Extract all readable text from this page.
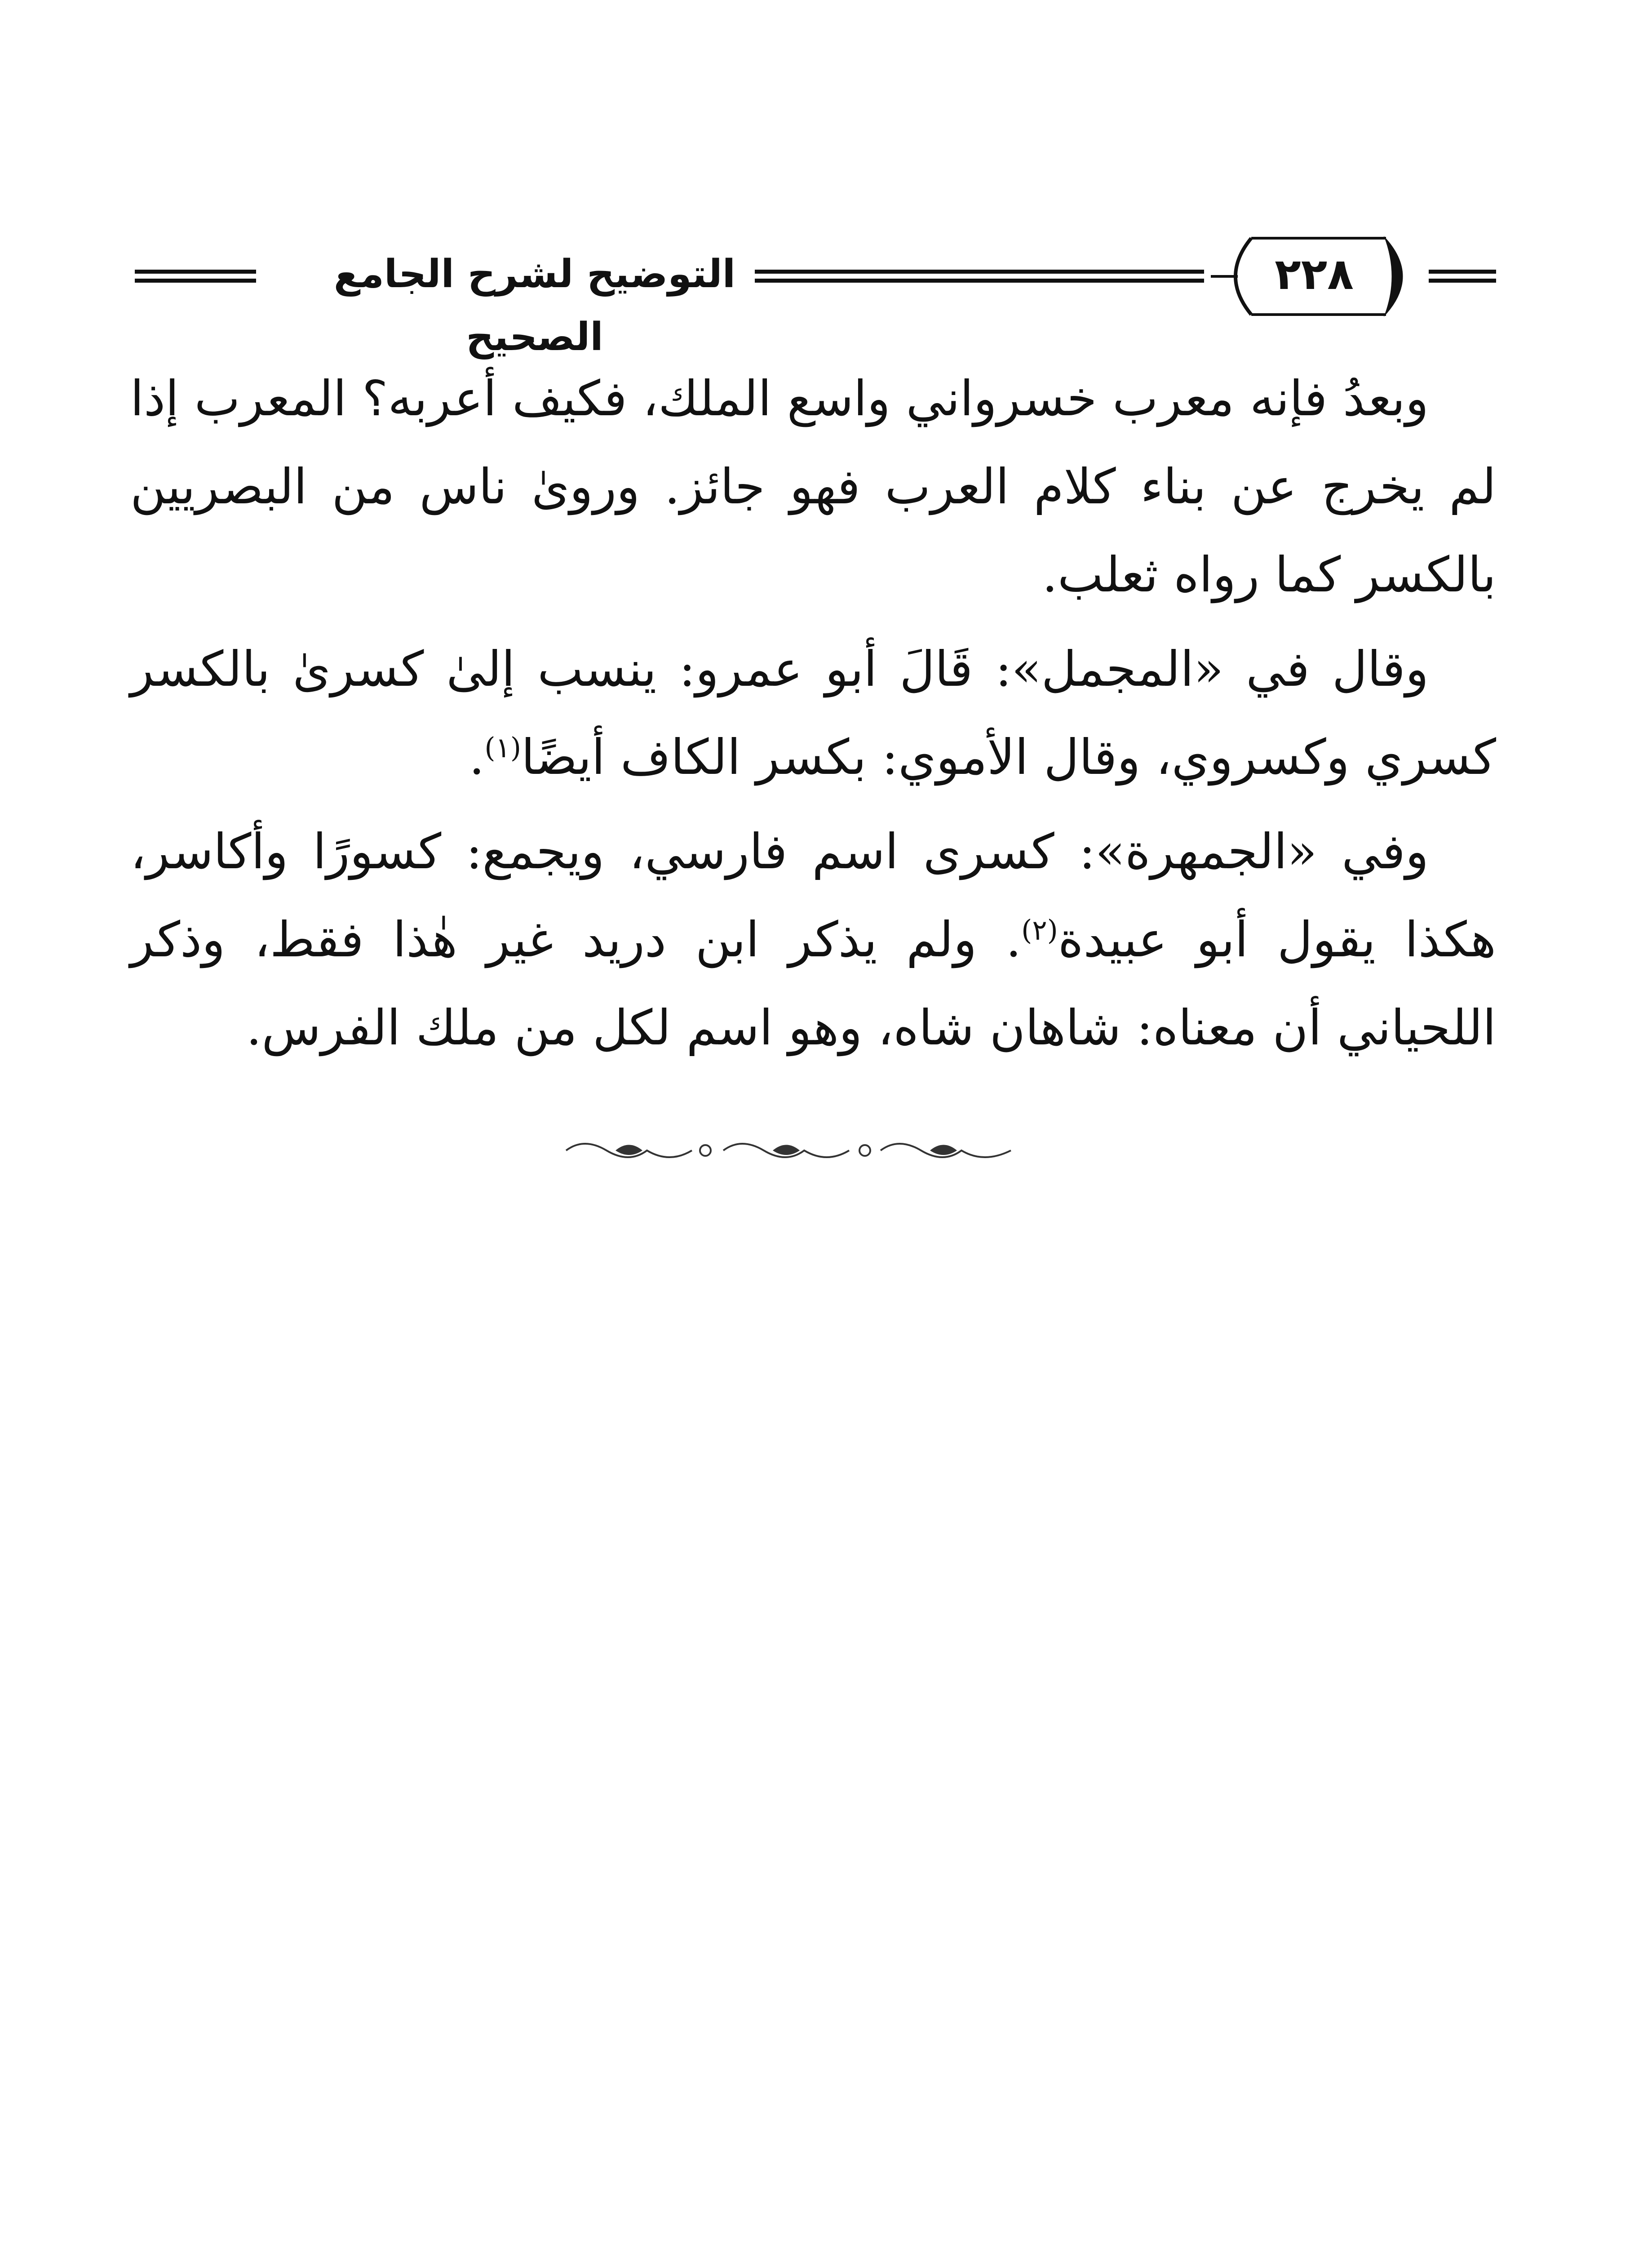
التوضيح لشرح الجامع الصحيح
٢٢٨

وبعدُ فإنه معرب خسرواني واسع الملك، فكيف أعربه؟ المعرب إذا لم يخرج عن بناء كلام العرب فهو جائز. ورویٰ ناس من البصريين بالكسر كما رواه ثعلب.

وقال في «المجمل»: قَالَ أبو عمرو: ينسب إلیٰ كسریٰ بالكسر كسري وكسروي، وقال الأموي: بكسر الكاف أيضًا$^{(١)}$.

وفي «الجمهرة»: كسرى اسم فارسي، ويجمع: كسورًا وأكاسر، هكذا يقول أبو عبيدة$^{(٢)}$. ولم يذكر ابن دريد غير هٰذا فقط، وذكر اللحياني أن معناه: شاهان شاه، وهو اسم لكل من ملك الفرس.
